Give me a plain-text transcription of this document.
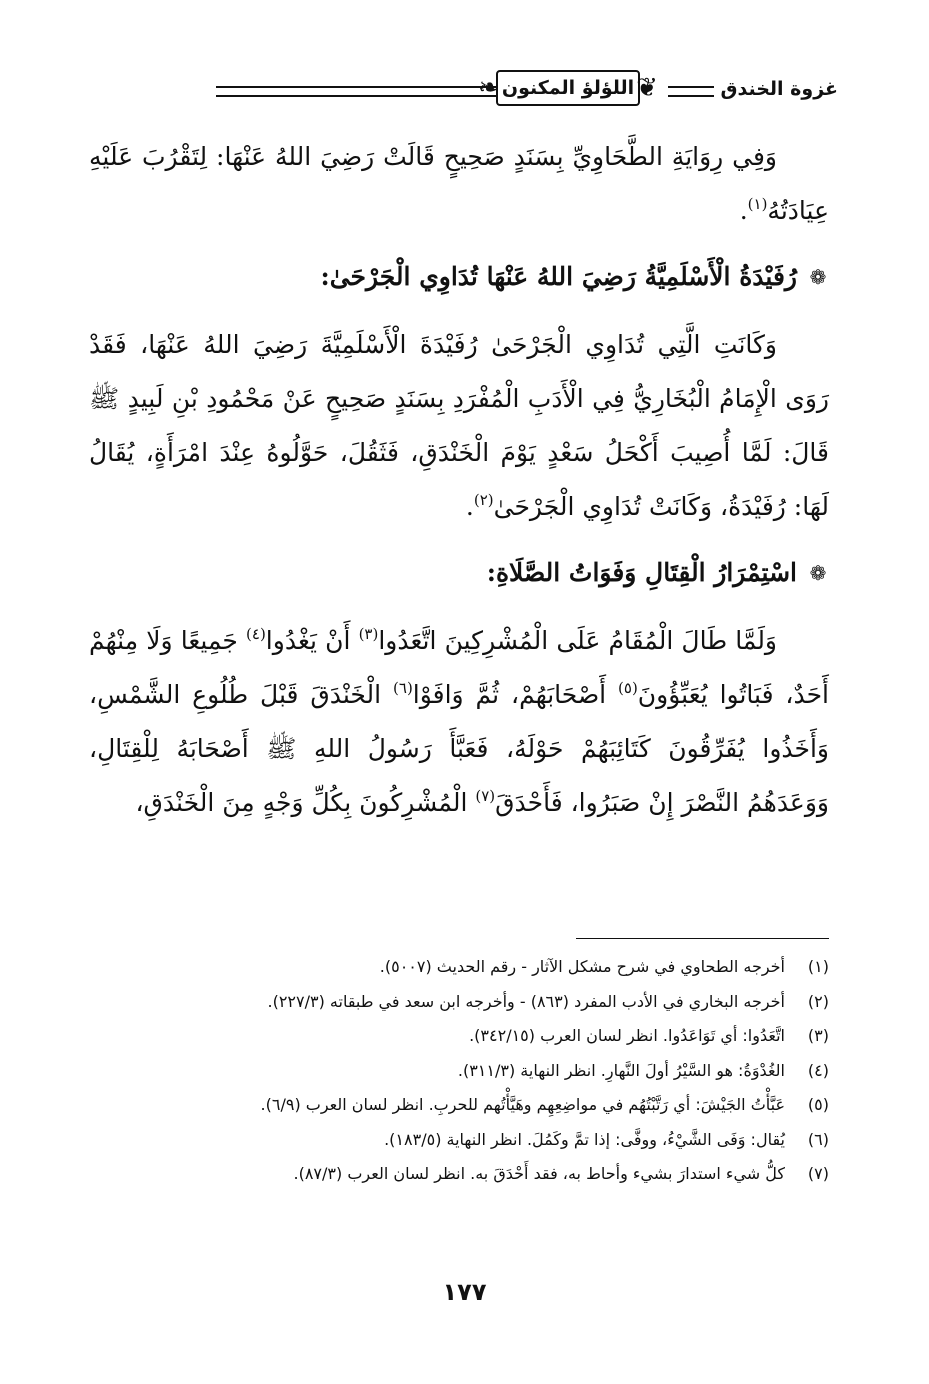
غزوة الخندق
❦
❧ اللؤلؤ المكنون

وَفِي رِوَايَةِ الطَّحَاوِيِّ بِسَنَدٍ صَحِيحٍ قَالَتْ رَضِيَ اللهُ عَنْهَا: لِتَقْرُبَ عَلَيْهِ عِيَادَتُهُ$^{(١)}$.

❁
رُفَيْدَةُ الْأَسْلَمِيَّةُ رَضِيَ اللهُ عَنْهَا تُدَاوِي الْجَرْحَىٰ:

وَكَانَتِ الَّتِي تُدَاوِي الْجَرْحَىٰ رُفَيْدَةَ الْأَسْلَمِيَّةَ رَضِيَ اللهُ عَنْهَا، فَقَدْ رَوَى الْإِمَامُ الْبُخَارِيُّ فِي الْأَدَبِ الْمُفْرَدِ بِسَنَدٍ صَحِيحٍ عَنْ مَحْمُودِ بْنِ لَبِيدٍ ﷺ قَالَ: لَمَّا أُصِيبَ أَكْحَلُ سَعْدٍ يَوْمَ الْخَنْدَقِ، فَثَقُلَ، حَوَّلُوهُ عِنْدَ امْرَأَةٍ، يُقَالُ لَهَا: رُفَيْدَةُ، وَكَانَتْ تُدَاوِي الْجَرْحَىٰ$^{(٢)}$.

❁
اسْتِمْرَارُ الْقِتَالِ وَفَوَاتُ الصَّلَاةِ:

وَلَمَّا طَالَ الْمُقَامُ عَلَى الْمُشْرِكِينَ اتَّعَدُوا$^{(٣)}$ أَنْ يَغْدُوا$^{(٤)}$ جَمِيعًا وَلَا مِنْهُمْ أَحَدٌ، فَبَاتُوا يُعَبِّؤُونَ$^{(٥)}$ أَصْحَابَهُمْ، ثُمَّ وَافَوْا$^{(٦)}$ الْخَنْدَقَ قَبْلَ طُلُوعِ الشَّمْسِ، وَأَخَذُوا يُفَرِّقُونَ كَتَائِبَهُمْ حَوْلَهُ، فَعَبَّأَ رَسُولُ اللهِ ﷺ أَصْحَابَهُ لِلْقِتَالِ، وَوَعَدَهُمُ النَّصْرَ إِنْ صَبَرُوا، فَأَحْدَقَ$^{(٧)}$ الْمُشْرِكُونَ بِكُلِّ وَجْهٍ مِنَ الْخَنْدَقِ،

(١)
أخرجه الطحاوي في شرح مشكل الآثار - رقم الحديث (٥٠٠٧).
(٢)
أخرجه البخاري في الأدب المفرد (٨٦٣) - وأخرجه ابن سعد في طبقاته (٢٢٧/٣).
(٣)
اتَّعَدُوا: أي تَوَاعَدُوا. انظر لسان العرب (٣٤٢/١٥).
(٤)
الغُدْوَةُ: هو السَّيْرُ أولَ النَّهارِ. انظر النهاية (٣١١/٣).
(٥)
عَبَّأْتُ الجَيْشَ: أي رَتَّبْتُهُم في مواضِعِهِم وهَيَّأْتُهم للحربِ. انظر لسان العرب (٦/٩).
(٦)
يُقال: وَفَى الشَّيْءُ، ووفَّى: إذا تمَّ وكَمُلَ. انظر النهاية (١٨٣/٥).
(٧)
كلُّ شيء استدارَ بشيء وأحاط به، فقد أَحْدَقَ به. انظر لسان العرب (٨٧/٣).
١٧٧
